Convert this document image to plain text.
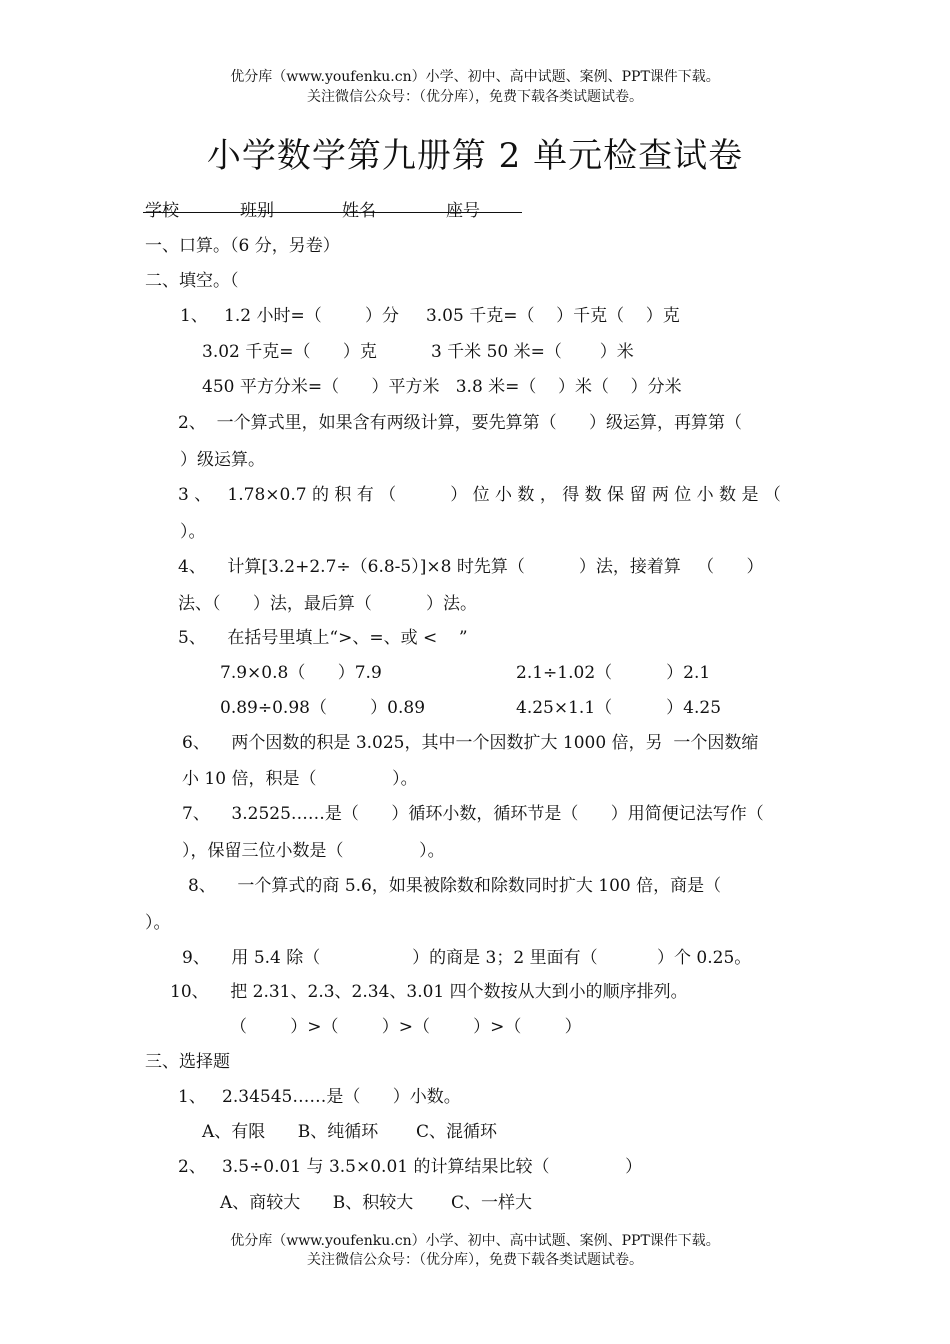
优分库（www.youfenku.cn）小学、初中、高中试题、案例、PPT课件下载。
关注微信公众号：（优分库），免费下载各类试题试卷。
小学数学第九册第 2 单元检查试卷
学校	班别	姓名	座号
一、口算。（6 分，另卷）
二、填空。（
1、   1.2 小时=（        ）分     3.05 千克=（    ）千克（    ）克
3.02 千克=（      ）克          3 千米 50 米=（       ）米
450 平方分米=（      ）平方米   3.8 米=（    ）米（    ）分米
2、  一个算式里，如果含有两级计算，要先算第（      ）级运算，再算第（
）级运算。
3 、   1.78×0.7 的 积 有 （          ） 位 小 数 ， 得 数 保 留 两 位 小 数 是 （
）。
4、    计算[3.2+2.7÷（6.8-5）]×8 时先算（          ）法，接着算   （      ）
法、（      ）法，最后算（          ）法。
5、    在括号里填上“>、=、或 <    ”
7.9×0.8（      ）7.9	2.1÷1.02（          ）2.1
0.89÷0.98（        ）0.89	4.25×1.1（          ）4.25
6、    两个因数的积是 3.025，其中一个因数扩大 1000 倍，另  一个因数缩
小 10 倍，积是（              ）。
7、    3.2525……是（      ）循环小数，循环节是（      ）用简便记法写作（
），保留三位小数是（              ）。
8、    一个算式的商 5.6，如果被除数和除数同时扩大 100 倍，商是（
）。
9、    用 5.4 除（                 ）的商是 3；2 里面有（           ）个 0.25。
10、    把 2.31、2.3、2.34、3.01 四个数按从大到小的顺序排列。
（        ）>（        ）>（        ）>（        ）
三、选择题
1、   2.34545……是（      ）小数。
A、有限      B、纯循环       C、混循环
2、   3.5÷0.01 与 3.5×0.01 的计算结果比较（              ）
A、商较大      B、积较大       C、一样大
优分库（www.youfenku.cn）小学、初中、高中试题、案例、PPT课件下载。
关注微信公众号：（优分库），免费下载各类试题试卷。
